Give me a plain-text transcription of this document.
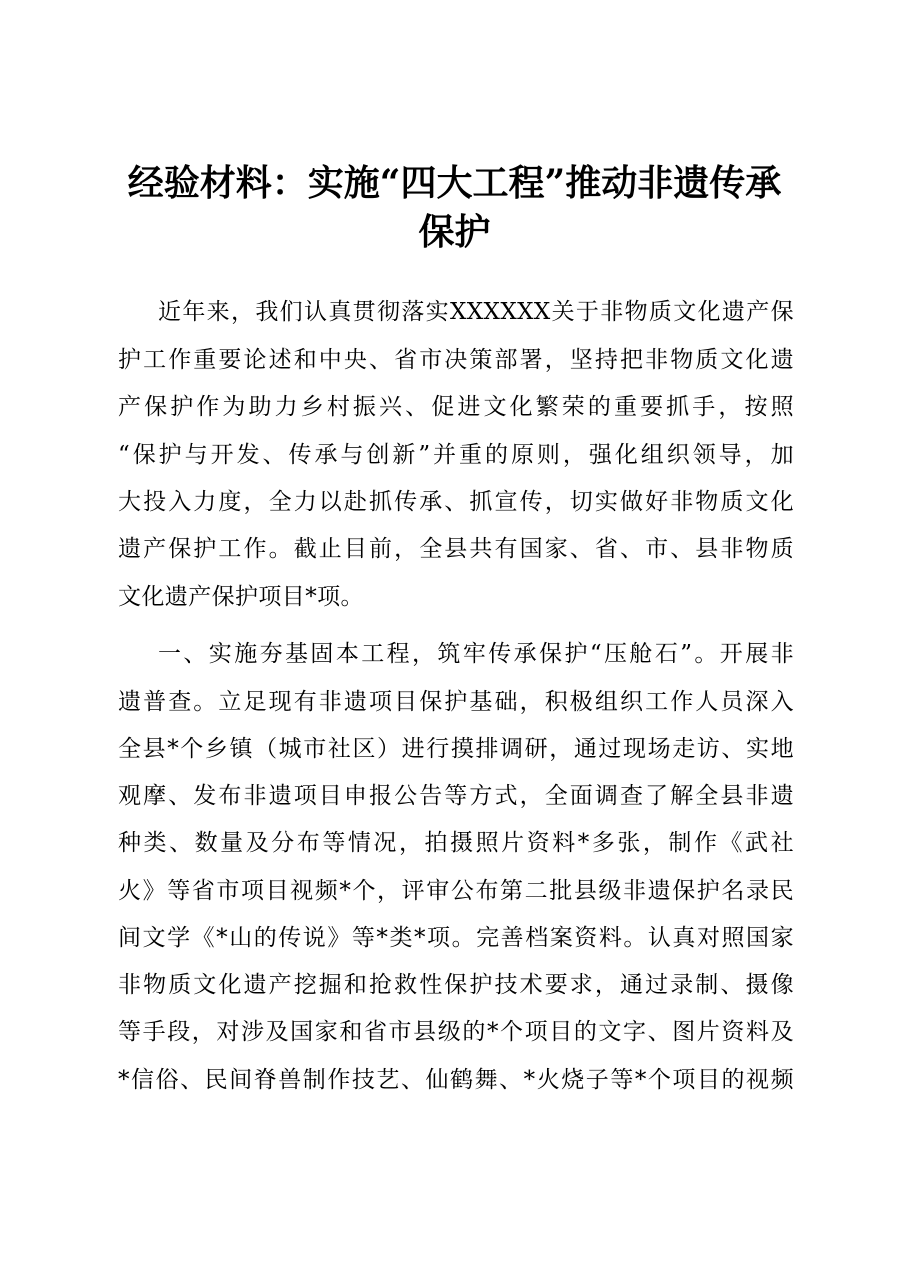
经验材料：实施“四大工程”推动非遗传承
保护

近年来，我们认真贯彻落实XXXXXX关于非物质文化遗产保

护工作重要论述和中央、省市决策部署，坚持把非物质文化遗

产保护作为助力乡村振兴、促进文化繁荣的重要抓手，按照

“保护与开发、传承与创新”并重的原则，强化组织领导，加

大投入力度，全力以赴抓传承、抓宣传，切实做好非物质文化

遗产保护工作。截止目前，全县共有国家、省、市、县非物质

文化遗产保护项目*项。

一、实施夯基固本工程，筑牢传承保护“压舱石”。开展非

遗普查。立足现有非遗项目保护基础，积极组织工作人员深入

全县*个乡镇（城市社区）进行摸排调研，通过现场走访、实地

观摩、发布非遗项目申报公告等方式，全面调查了解全县非遗

种类、数量及分布等情况，拍摄照片资料*多张，制作《武社

火》等省市项目视频*个，评审公布第二批县级非遗保护名录民

间文学《*山的传说》等*类*项。完善档案资料。认真对照国家

非物质文化遗产挖掘和抢救性保护技术要求，通过录制、摄像

等手段，对涉及国家和省市县级的*个项目的文字、图片资料及

*信俗、民间脊兽制作技艺、仙鹤舞、*火烧子等*个项目的视频
